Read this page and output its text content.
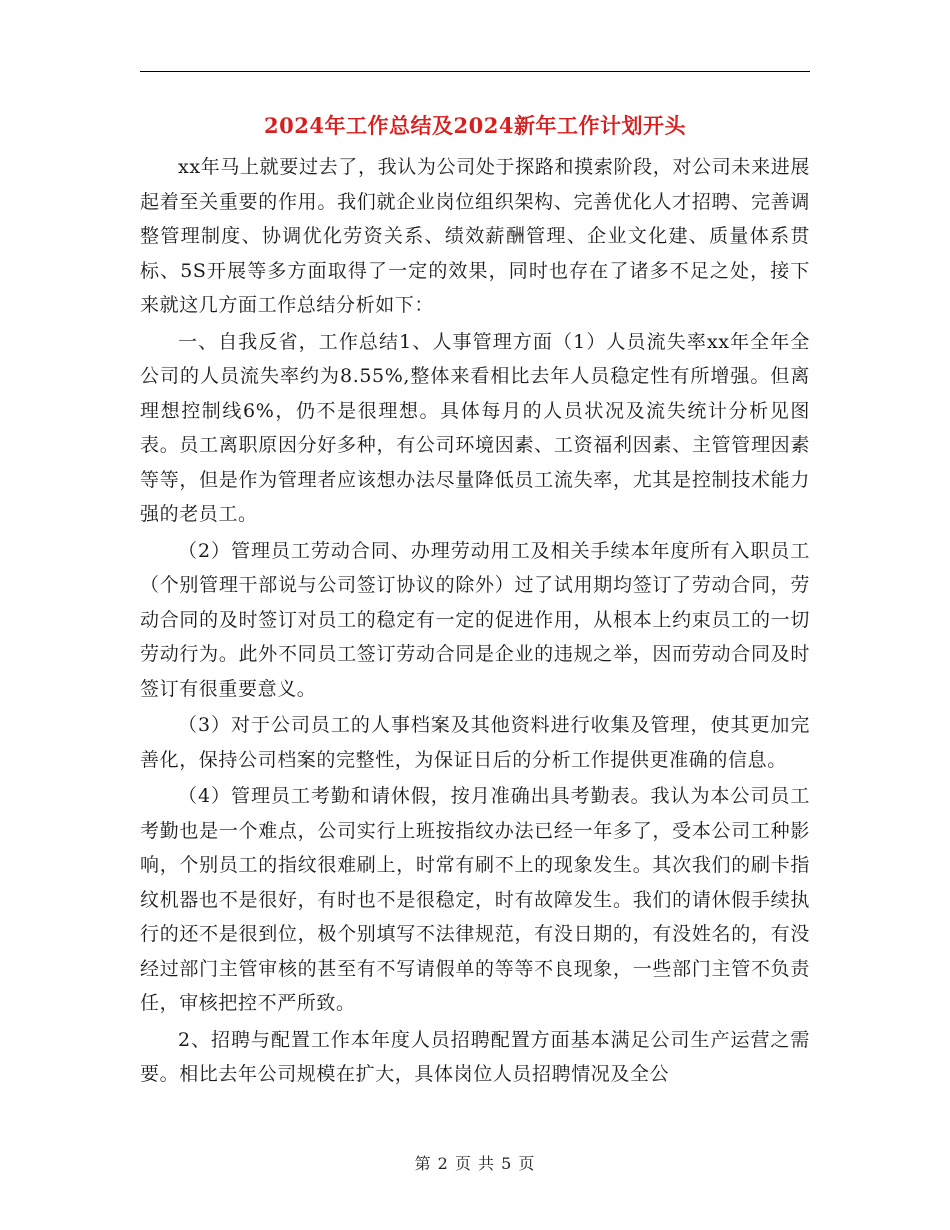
2024年工作总结及2024新年工作计划开头

xx年马上就要过去了，我认为公司处于探路和摸索阶段，对公司未来进展起着至关重要的作用。我们就企业岗位组织架构、完善优化人才招聘、完善调整管理制度、协调优化劳资关系、绩效薪酬管理、企业文化建、质量体系贯标、5S开展等多方面取得了一定的效果，同时也存在了诸多不足之处，接下来就这几方面工作总结分析如下：

一、自我反省，工作总结1、人事管理方面（1）人员流失率xx年全年全公司的人员流失率约为8.55%,整体来看相比去年人员稳定性有所增强。但离理想控制线6%，仍不是很理想。具体每月的人员状况及流失统计分析见图表。员工离职原因分好多种，有公司环境因素、工资福利因素、主管管理因素等等，但是作为管理者应该想办法尽量降低员工流失率，尤其是控制技术能力强的老员工。

（2）管理员工劳动合同、办理劳动用工及相关手续本年度所有入职员工（个别管理干部说与公司签订协议的除外）过了试用期均签订了劳动合同，劳动合同的及时签订对员工的稳定有一定的促进作用，从根本上约束员工的一切劳动行为。此外不同员工签订劳动合同是企业的违规之举，因而劳动合同及时签订有很重要意义。

（3）对于公司员工的人事档案及其他资料进行收集及管理，使其更加完善化，保持公司档案的完整性，为保证日后的分析工作提供更准确的信息。

（4）管理员工考勤和请休假，按月准确出具考勤表。我认为本公司员工考勤也是一个难点，公司实行上班按指纹办法已经一年多了，受本公司工种影响，个别员工的指纹很难刷上，时常有刷不上的现象发生。其次我们的刷卡指纹机器也不是很好，有时也不是很稳定，时有故障发生。我们的请休假手续执行的还不是很到位，极个别填写不法律规范，有没日期的，有没姓名的，有没经过部门主管审核的甚至有不写请假单的等等不良现象，一些部门主管不负责任，审核把控不严所致。

2、招聘与配置工作本年度人员招聘配置方面基本满足公司生产运营之需要。相比去年公司规模在扩大，具体岗位人员招聘情况及全公

第 2 页 共 5 页
